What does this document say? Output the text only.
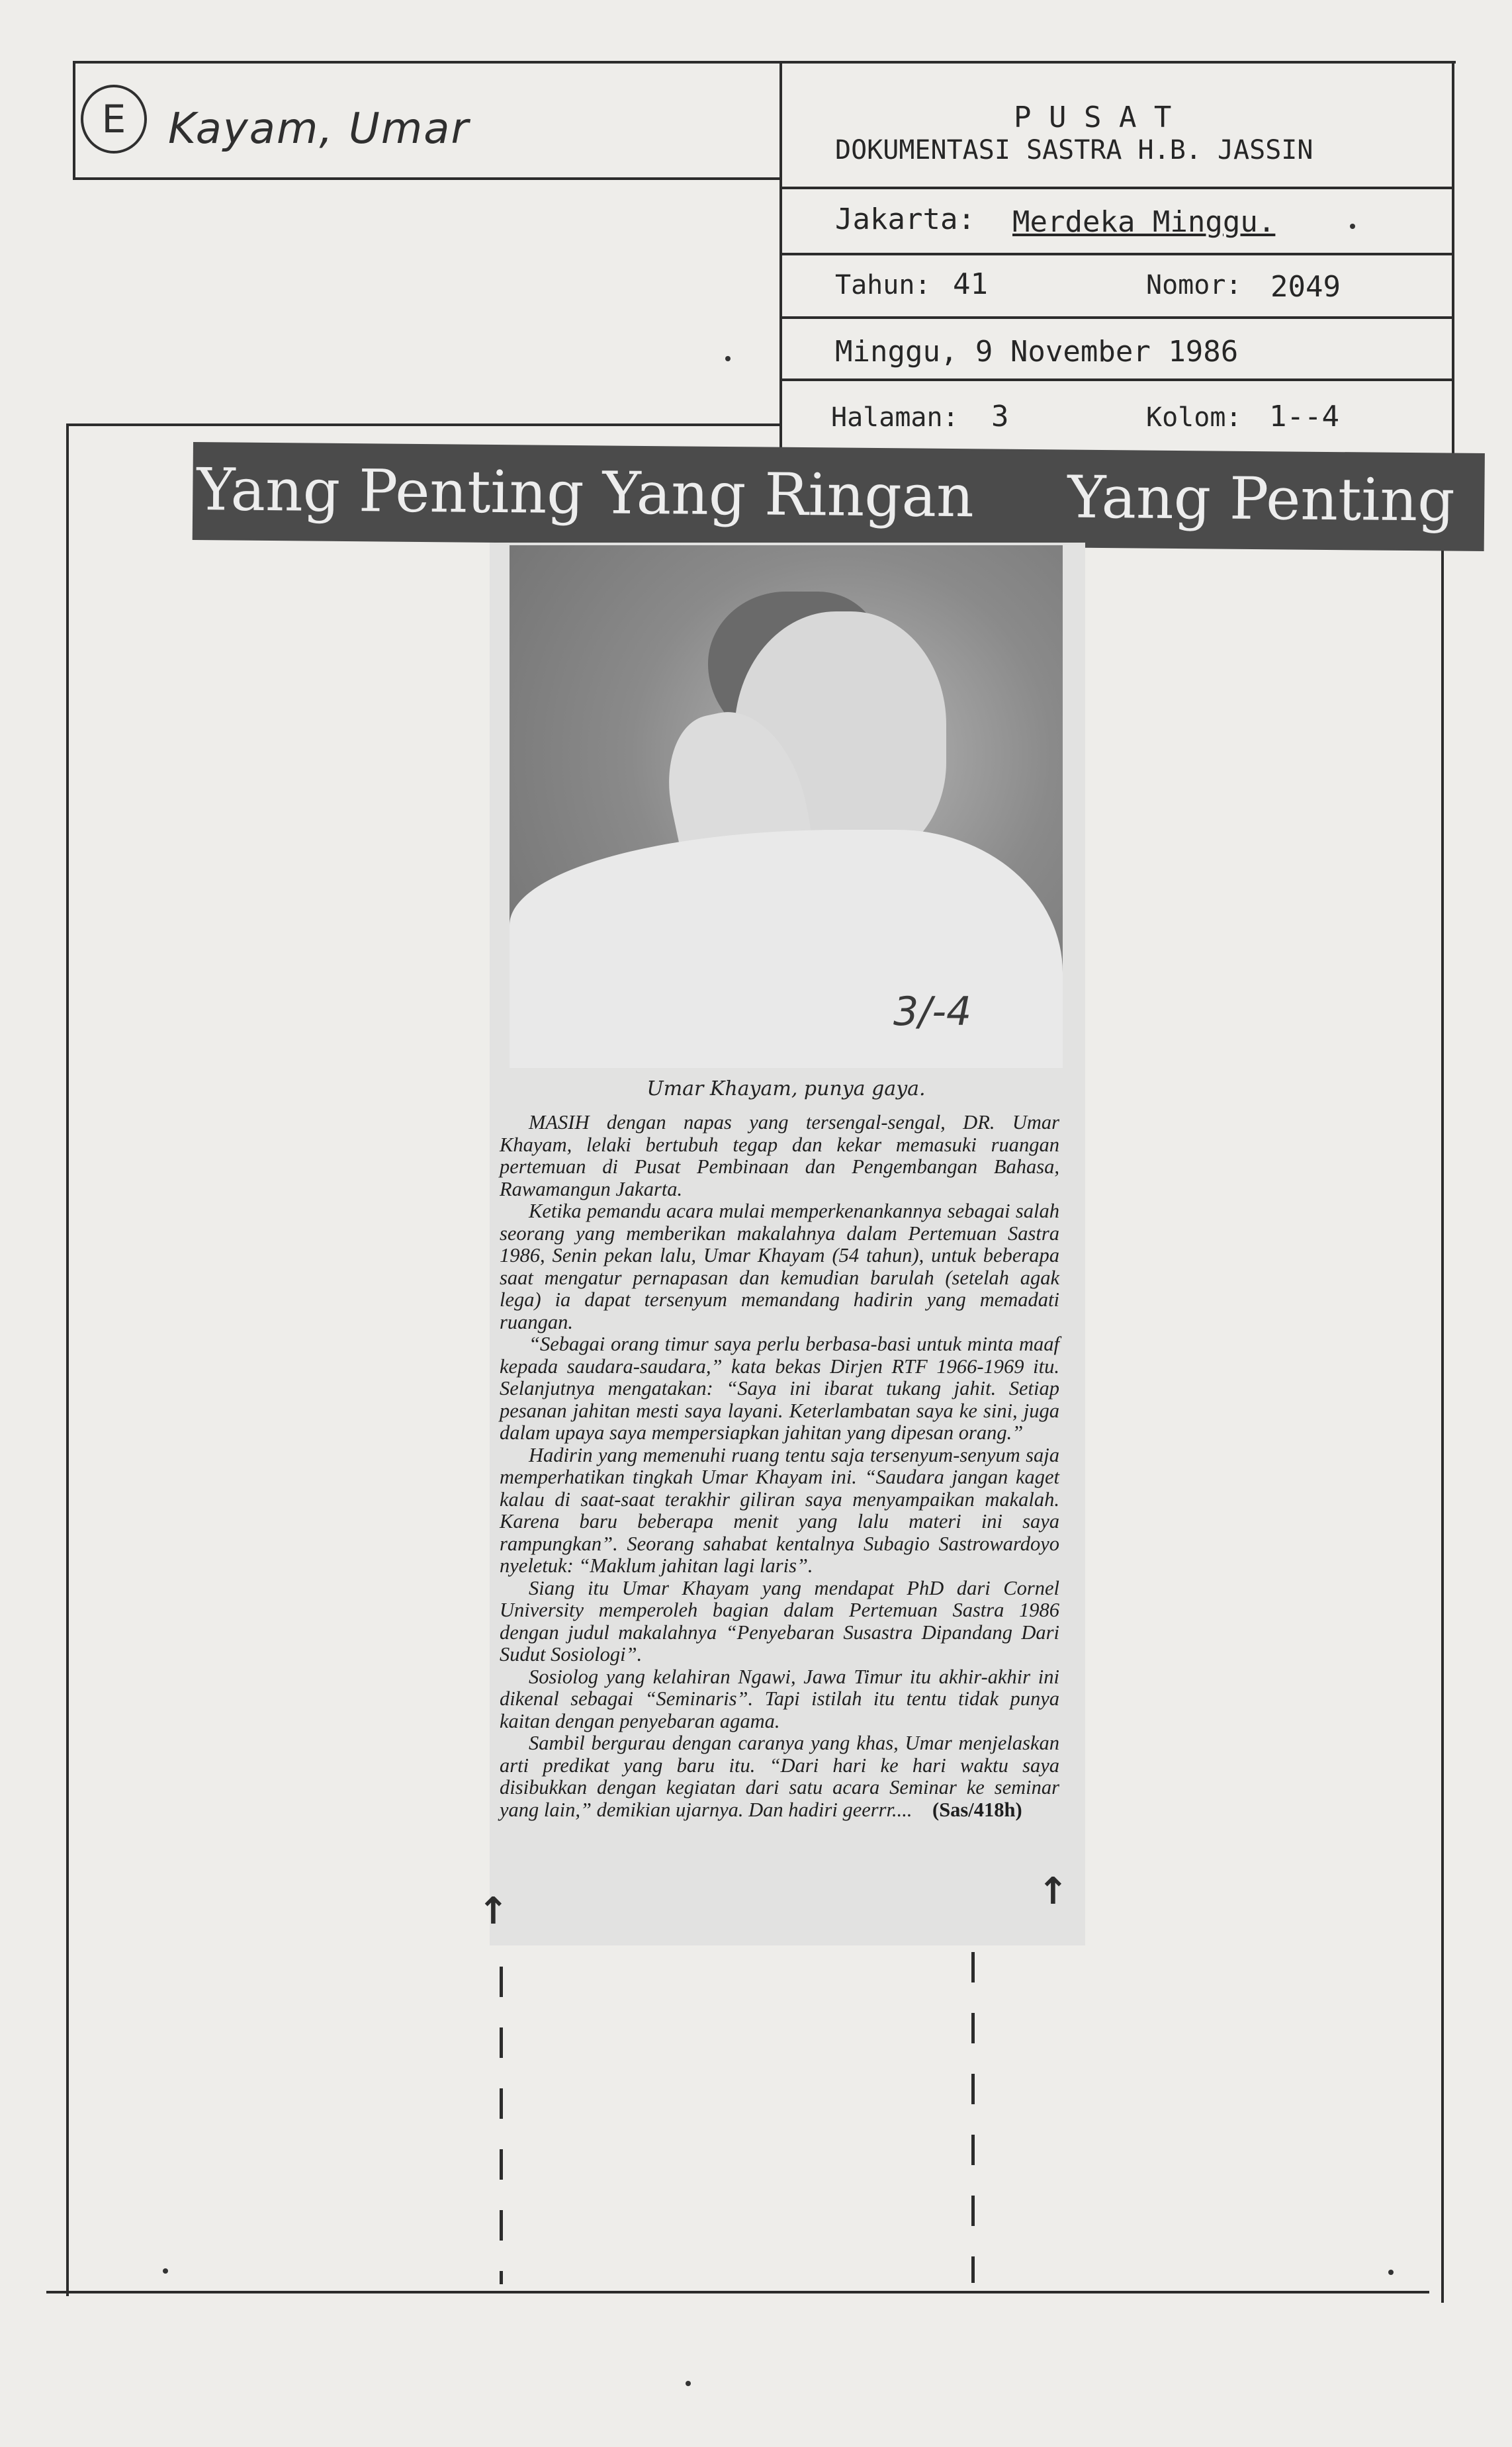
E Kayam, Umar	P U S A T
DOKUMENTASI SASTRA H.B. JASSIN
Jakarta: Merdeka Minggu.
Tahun: 41	Nomor: 2049
Minggu, 9 November 1986
Halaman: 3	Kolom: 1--4
Yang Penting Yang Ringan Yang Penting
3/-4
Umar Khayam, punya gaya.

MASIH dengan napas yang tersengal-sengal, DR. Umar Khayam, lelaki bertubuh tegap dan kekar memasuki ruangan pertemuan di Pusat Pembinaan dan Pengembangan Bahasa, Rawamangun Jakarta.

Ketika pemandu acara mulai memperkenankannya sebagai salah seorang yang memberikan makalahnya dalam Pertemuan Sastra 1986, Senin pekan lalu, Umar Khayam (54 tahun), untuk beberapa saat mengatur pernapasan dan kemudian barulah (setelah agak lega) ia dapat tersenyum memandang hadirin yang memadati ruangan.

“Sebagai orang timur saya perlu berbasa-basi untuk minta maaf kepada saudara-saudara,” kata bekas Dirjen RTF 1966-1969 itu. Selanjutnya mengatakan: “Saya ini ibarat tukang jahit. Setiap pesanan jahitan mesti saya layani. Keterlambatan saya ke sini, juga dalam upaya saya mempersiapkan jahitan yang dipesan orang.”

Hadirin yang memenuhi ruang tentu saja tersenyum-senyum saja memperhatikan tingkah Umar Khayam ini. “Saudara jangan kaget kalau di saat-saat terakhir giliran saya menyampaikan makalah. Karena baru beberapa menit yang lalu materi ini saya rampungkan”. Seorang sahabat kentalnya Subagio Sastrowardoyo nyeletuk: “Maklum jahitan lagi laris”.

Siang itu Umar Khayam yang mendapat PhD dari Cornel University memperoleh bagian dalam Pertemuan Sastra 1986 dengan judul makalahnya “Penyebaran Susastra Dipandang Dari Sudut Sosiologi”.

Sosiolog yang kelahiran Ngawi, Jawa Timur itu akhir-akhir ini dikenal sebagai “Seminaris”. Tapi istilah itu tentu tidak punya kaitan dengan penyebaran agama.

Sambil bergurau dengan caranya yang khas, Umar menjelaskan arti predikat yang baru itu. “Dari hari ke hari waktu saya disibukkan dengan kegiatan dari satu acara Seminar ke seminar yang lain,” demikian ujarnya. Dan hadiri geerrr.... (Sas/418h)

↑	↑
